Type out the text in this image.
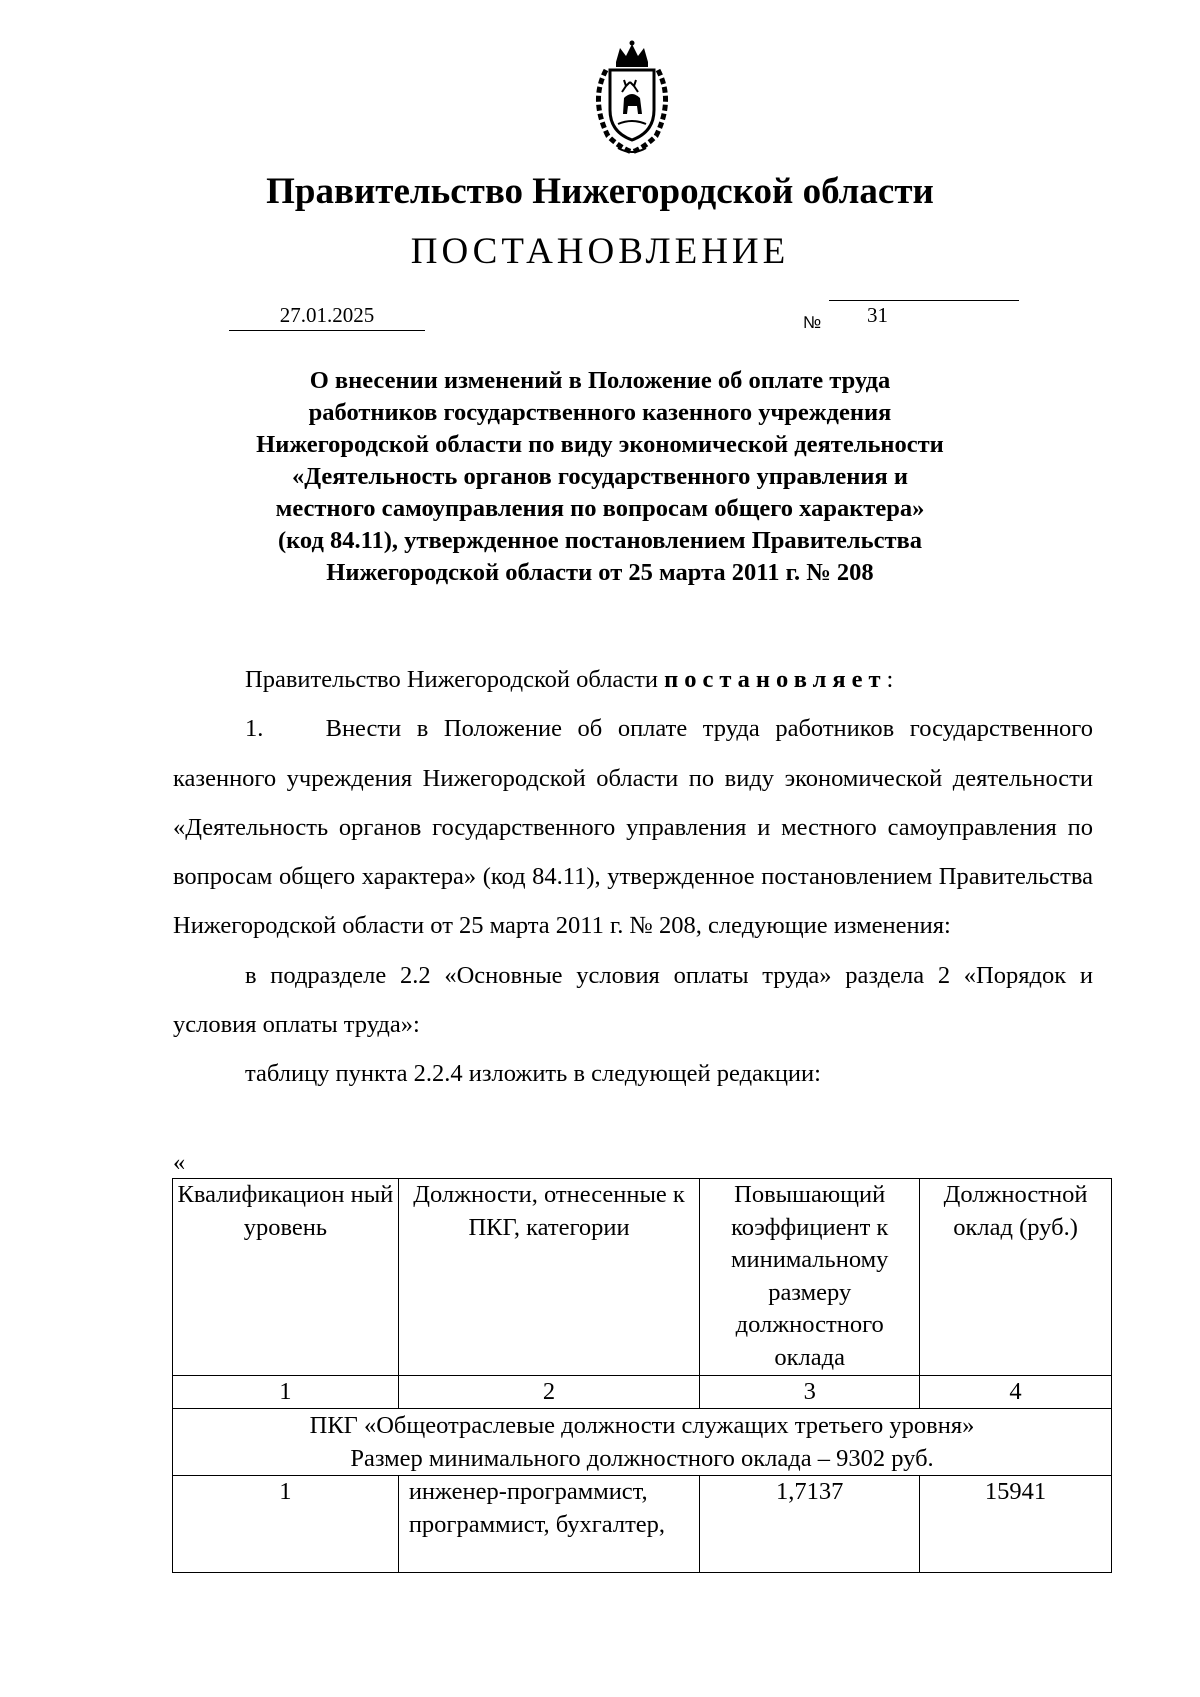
Правительство Нижегородской области
ПОСТАНОВЛЕНИЕ
27.01.2025	№ 31
О внесении изменений в Положение об оплате труда
работников государственного казенного учреждения
Нижегородской области по виду экономической деятельности
«Деятельность органов государственного управления и
местного самоуправления по вопросам общего характера»
(код 84.11), утвержденное постановлением Правительства
Нижегородской области от 25 марта 2011 г. № 208

Правительство Нижегородской области постановляет:

1.    Внести в Положение об оплате труда работников государственного казенного учреждения Нижегородской области по виду экономической деятельности «Деятельность органов государственного управления и местного самоуправления по вопросам общего характера» (код 84.11), утвержденное постановлением Правительства Нижегородской области от 25 марта 2011 г. № 208, следующие изменения:

в подразделе 2.2 «Основные условия оплаты труда» раздела 2 «Порядок и условия оплаты труда»:

таблицу пункта 2.2.4 изложить в следующей редакции:

«
Квалификацион ный уровень	Должности, отнесенные к ПКГ, категории	Повышающий коэффициент к минимальному размеру должностного оклада	Должностной оклад (руб.)
1	2	3	4

ПКГ «Общеотраслевые должности служащих третьего уровня»
Размер минимального должностного оклада – 9302 руб.			

1	инженер-программист, программист, бухгалтер,	1,7137	15941
